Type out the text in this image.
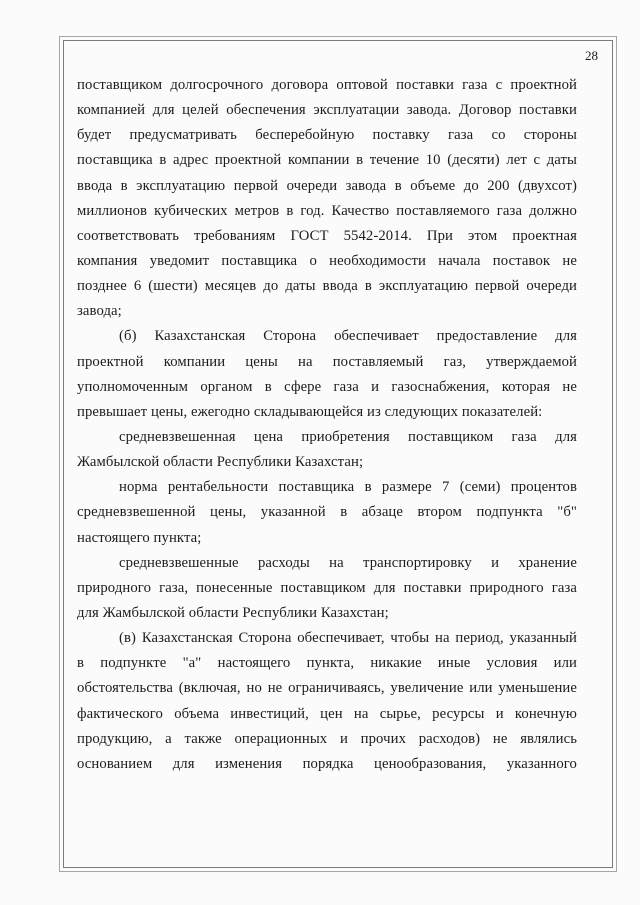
28
поставщиком долгосрочного договора оптовой поставки газа с проектной
компанией для целей обеспечения эксплуатации завода. Договор поставки
будет предусматривать бесперебойную поставку газа со стороны
поставщика в адрес проектной компании в течение 10 (десяти) лет с даты
ввода в эксплуатацию первой очереди завода в объеме до 200 (двухсот)
миллионов кубических метров в год. Качество поставляемого газа должно
соответствовать требованиям ГОСТ 5542-2014. При этом проектная
компания уведомит поставщика о необходимости начала поставок не
позднее 6 (шести) месяцев до даты ввода в эксплуатацию первой очереди
завода;
(б) Казахстанская Сторона обеспечивает предоставление для
проектной компании цены на поставляемый газ, утверждаемой
уполномоченным органом в сфере газа и газоснабжения, которая не
превышает цены, ежегодно складывающейся из следующих показателей:
средневзвешенная цена приобретения поставщиком газа для
Жамбылской области Республики Казахстан;
норма рентабельности поставщика в размере 7 (семи) процентов
средневзвешенной цены, указанной в абзаце втором подпункта "б"
настоящего пункта;
средневзвешенные расходы на транспортировку и хранение
природного газа, понесенные поставщиком для поставки природного газа
для Жамбылской области Республики Казахстан;
(в) Казахстанская Сторона обеспечивает, чтобы на период, указанный
в подпункте "а" настоящего пункта, никакие иные условия или
обстоятельства (включая, но не ограничиваясь, увеличение или уменьшение
фактического объема инвестиций, цен на сырье, ресурсы и конечную
продукцию, а также операционных и прочих расходов) не являлись
основанием для изменения порядка ценообразования, указанного
